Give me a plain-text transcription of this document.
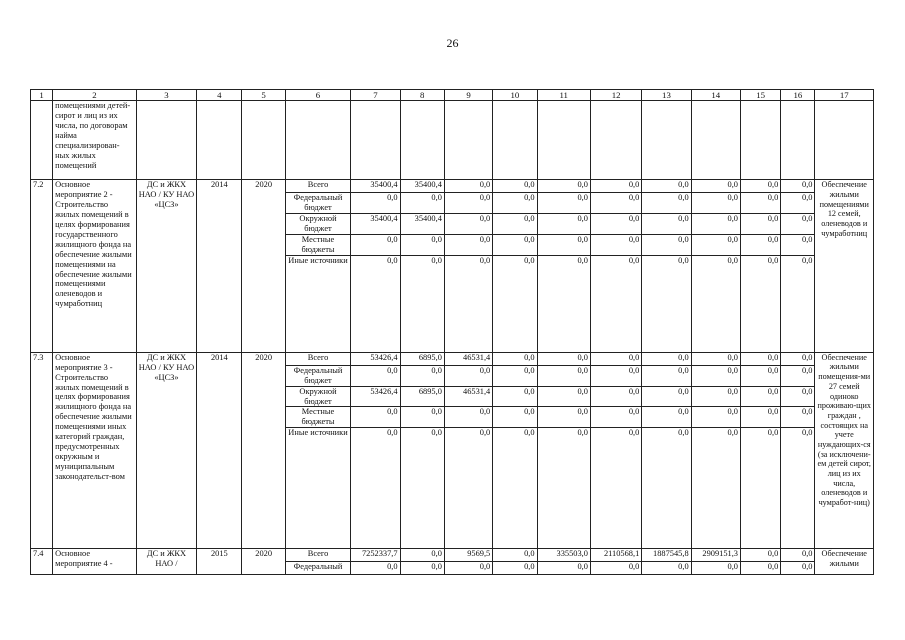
26
1	2	3	4	5	6	7	8	9	10	11	12	13	14	15	16	17
	помещениями детей-сирот и лиц из их числа, по договорам найма специализирован-ных жилых помещений															
7.2	Основное мероприятие 2 - Строительство жилых помещений в целях формирования государственного жилищного фонда на обеспечение жилыми помещениями на обеспечение жилыми помещениями оленеводов и чумработниц	ДС и ЖКХ НАО / КУ НАО «ЦСЗ»	2014	2020	Всего	35400,4	35400,4	0,0	0,0	0,0	0,0	0,0	0,0	0,0	0,0	Обеспечение жилыми помещениями 12 семей, оленеводов и чумработниц
					Федеральный бюджет	0,0	0,0	0,0	0,0	0,0	0,0	0,0	0,0	0,0	0,0	
					Окружной бюджет	35400,4	35400,4	0,0	0,0	0,0	0,0	0,0	0,0	0,0	0,0	
					Местные бюджеты	0,0	0,0	0,0	0,0	0,0	0,0	0,0	0,0	0,0	0,0	
					Иные источники	0,0	0,0	0,0	0,0	0,0	0,0	0,0	0,0	0,0	0,0	
7.3	Основное мероприятие 3 - Строительство жилых помещений в целях формирования жилищного фонда на обеспечение жилыми помещениями иных категорий граждан, предусмотренных окружным и муниципальным законодательст-вом	ДС и ЖКХ НАО / КУ НАО «ЦСЗ»	2014	2020	Всего	53426,4	6895,0	46531,4	0,0	0,0	0,0	0,0	0,0	0,0	0,0	Обеспечение жилыми помещения-ми 27 семей одиноко проживаю-щих граждан , состоящих на учете нуждающих-ся (за исключени-ем детей сирот, лиц из их числа, оленеводов и чумработ-ниц)
					Федеральный бюджет	0,0	0,0	0,0	0,0	0,0	0,0	0,0	0,0	0,0	0,0	
					Окружной бюджет	53426,4	6895,0	46531,4	0,0	0,0	0,0	0,0	0,0	0,0	0,0	
					Местные бюджеты	0,0	0,0	0,0	0,0	0,0	0,0	0,0	0,0	0,0	0,0	
					Иные источники	0,0	0,0	0,0	0,0	0,0	0,0	0,0	0,0	0,0	0,0	
7.4	Основное мероприятие 4 -	ДС и ЖКХ НАО /	2015	2020	Всего	7252337,7	0,0	9569,5	0,0	335503,0	2110568,1	1887545,8	2909151,3	0,0	0,0	Обеспечение жилыми
					Федеральный	0,0	0,0	0,0	0,0	0,0	0,0	0,0	0,0	0,0	0,0	
